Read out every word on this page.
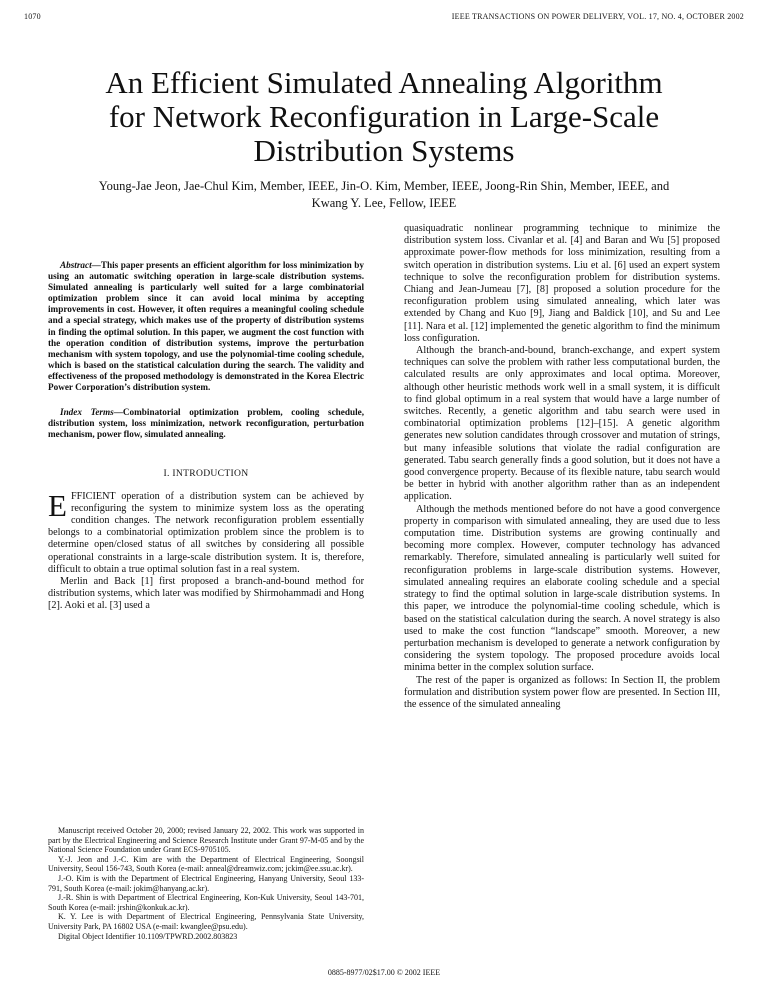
1070	IEEE TRANSACTIONS ON POWER DELIVERY, VOL. 17, NO. 4, OCTOBER 2002
An Efficient Simulated Annealing Algorithm
for Network Reconfiguration in Large-Scale
Distribution Systems
Young-Jae Jeon, Jae-Chul Kim, Member, IEEE, Jin-O. Kim, Member, IEEE, Joong-Rin Shin, Member, IEEE, and
Kwang Y. Lee, Fellow, IEEE

Abstract—This paper presents an efficient algorithm for loss minimization by using an automatic switching operation in large-scale distribution systems. Simulated annealing is particularly well suited for a large combinatorial optimization problem since it can avoid local minima by accepting improvements in cost. However, it often requires a meaningful cooling schedule and a special strategy, which makes use of the property of distribution systems in finding the optimal solution. In this paper, we augment the cost function with the operation condition of distribution systems, improve the perturbation mechanism with system topology, and use the polynomial-time cooling schedule, which is based on the statistical calculation during the search. The validity and effectiveness of the proposed methodology is demonstrated in the Korea Electric Power Corporation’s distribution system.

Index Terms—Combinatorial optimization problem, cooling schedule, distribution system, loss minimization, network reconfiguration, perturbation mechanism, power flow, simulated annealing.

I. INTRODUCTION

EFFICIENT operation of a distribution system can be achieved by reconfiguring the system to minimize system loss as the operating condition changes. The network reconfiguration problem essentially belongs to a combinatorial optimization problem since the problem is to determine open/closed status of all switches by considering all possible operational constraints in a large-scale distribution system. It is, therefore, difficult to obtain a true optimal solution fast in a real system.

Merlin and Back [1] first proposed a branch-and-bound method for distribution systems, which later was modified by Shirmohammadi and Hong [2]. Aoki et al. [3] used a

Manuscript received October 20, 2000; revised January 22, 2002. This work was supported in part by the Electrical Engineering and Science Research Institute under Grant 97-M-05 and by the National Science Foundation under Grant ECS-9705105.

Y.-J. Jeon and J.-C. Kim are with the Department of Electrical Engineering, Soongsil University, Seoul 156-743, South Korea (e-mail: anneal@dreamwiz.com; jckim@ee.ssu.ac.kr).

J.-O. Kim is with the Department of Electrical Engineering, Hanyang University, Seoul 133-791, South Korea (e-mail: jokim@hanyang.ac.kr).

J.-R. Shin is with Department of Electrical Engineering, Kon-Kuk University, Seoul 143-701, South Korea (e-mail: jrshin@konkuk.ac.kr).

K. Y. Lee is with Department of Electrical Engineering, Pennsylvania State University, University Park, PA 16802 USA (e-mail: kwanglee@psu.edu).

Digital Object Identifier 10.1109/TPWRD.2002.803823

quasiquadratic nonlinear programming technique to minimize the distribution system loss. Civanlar et al. [4] and Baran and Wu [5] proposed approximate power-flow methods for loss minimization, resulting from a switch operation in distribution systems. Liu et al. [6] used an expert system technique to solve the reconfiguration problem for distribution systems. Chiang and Jean-Jumeau [7], [8] proposed a solution procedure for the reconfiguration problem using simulated annealing, which later was extended by Chang and Kuo [9], Jiang and Baldick [10], and Su and Lee [11]. Nara et al. [12] implemented the genetic algorithm to find the minimum loss configuration.

Although the branch-and-bound, branch-exchange, and expert system techniques can solve the problem with rather less computational burden, the calculated results are only approximates and local optima. Moreover, although other heuristic methods work well in a small system, it is difficult to find global optimum in a real system that would have a large number of switches. Recently, a genetic algorithm and tabu search were used in combinatorial optimization problems [12]–[15]. A genetic algorithm generates new solution candidates through crossover and mutation of strings, but many infeasible solutions that violate the radial configuration are generated. Tabu search generally finds a good solution, but it does not have a good convergence property. Because of its flexible nature, tabu search would be better in hybrid with another algorithm rather than as an independent application.

Although the methods mentioned before do not have a good convergence property in comparison with simulated annealing, they are used due to less computation time. Distribution systems are growing continually and becoming more complex. However, computer technology has advanced remarkably. Therefore, simulated annealing is particularly well suited for reconfiguration problems in large-scale distribution systems. However, simulated annealing requires an elaborate cooling schedule and a special strategy to find the optimal solution in large-scale distribution systems. In this paper, we introduce the polynomial-time cooling schedule, which is based on the statistical calculation during the search. A novel strategy is also used to make the cost function “landscape” smooth. Moreover, a new perturbation mechanism is developed to generate a network configuration by considering the system topology. The proposed procedure avoids local minima better in the complex solution surface.

The rest of the paper is organized as follows: In Section II, the problem formulation and distribution system power flow are presented. In Section III, the essence of the simulated annealing

0885-8977/02$17.00 © 2002 IEEE
